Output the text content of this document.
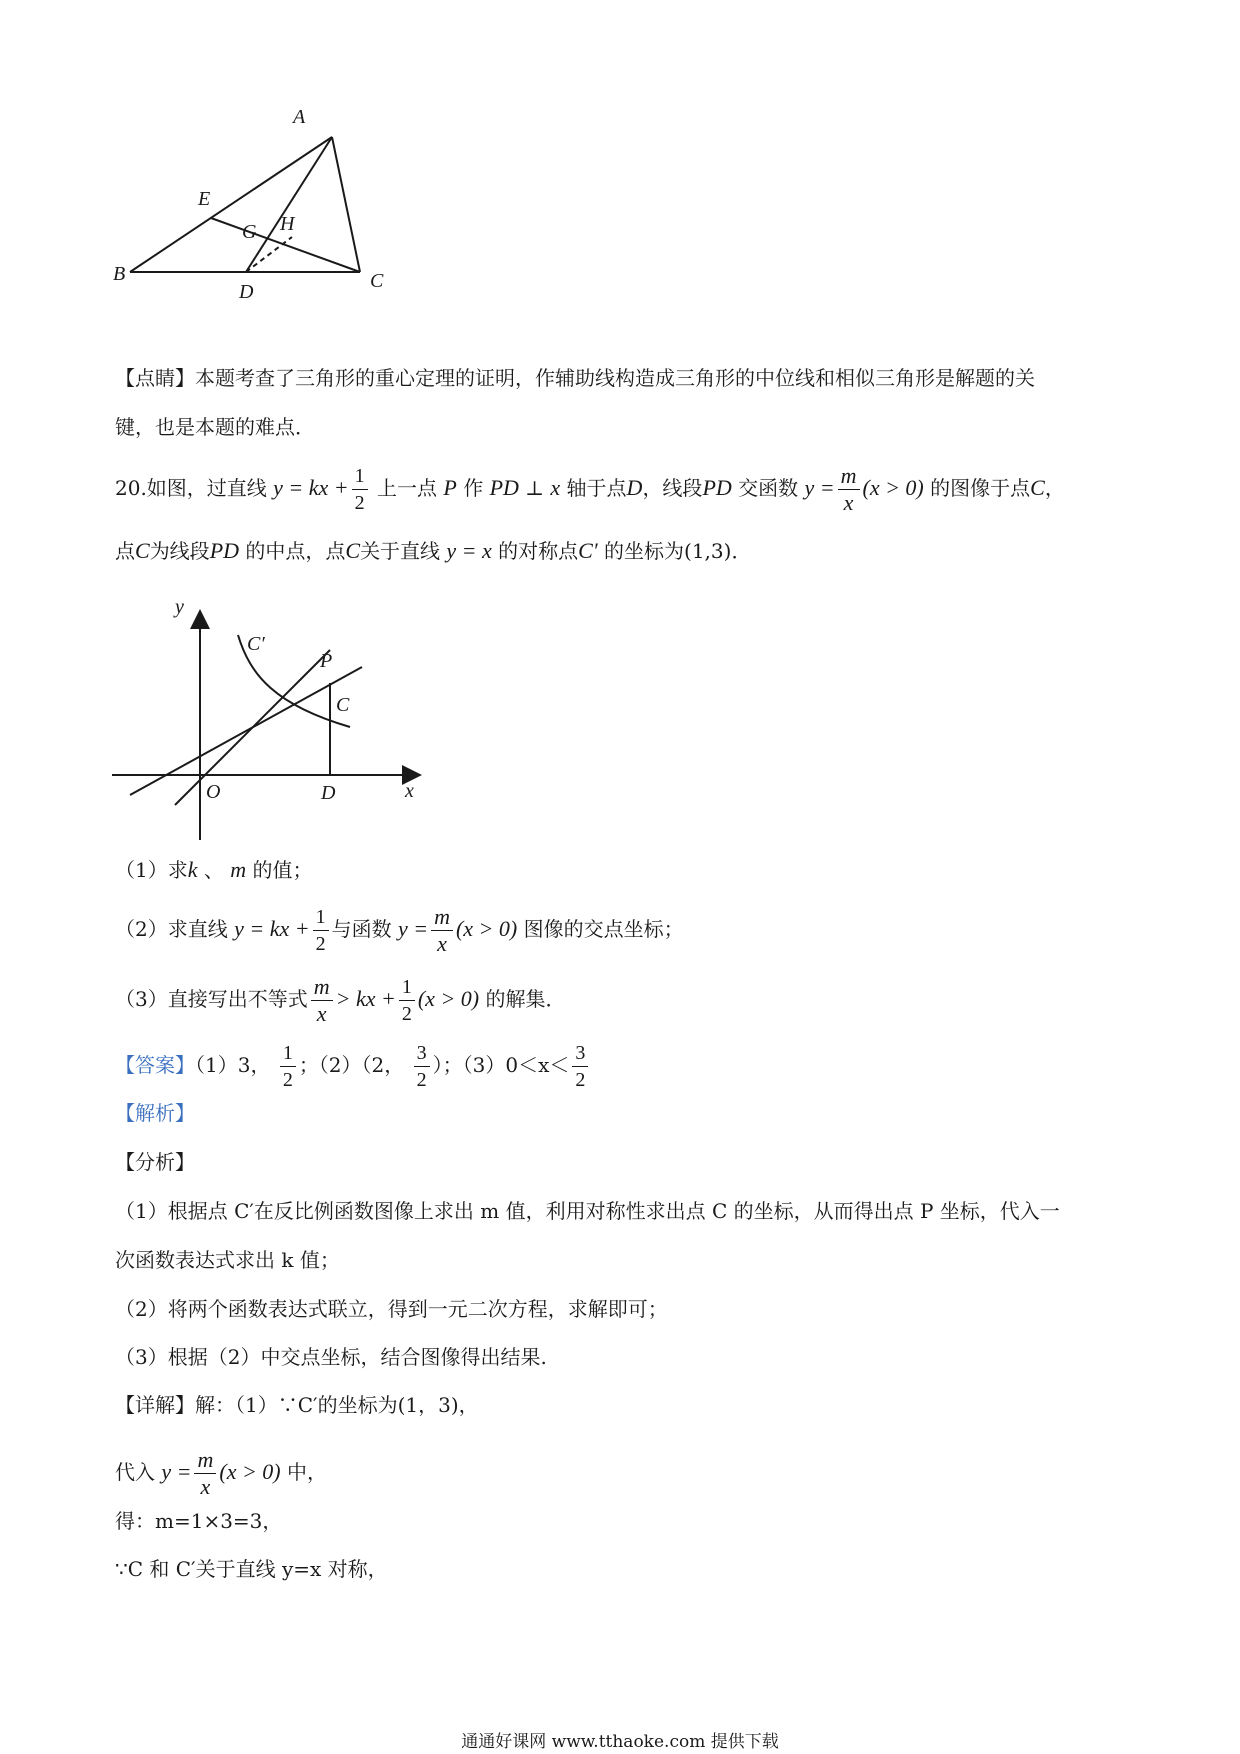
A
B	C
D
E
G H
【点睛】本题考查了三角形的重心定理的证明，作辅助线构造成三角形的中位线和相似三角形是解题的关
键，也是本题的难点．
20.如图，过直线 y = kx + $\frac{1}{2}$ 上一点 P 作 PD ⊥ x 轴于点D，线段PD 交函数 $y = \frac{m}{x} (x > 0)$ 的图像于点C，
点C为线段PD 的中点，点C关于直线 y = x 的对称点C′ 的坐标为(1,3)．
y
x
O	D
P
C
C′
（1）求k 、 m 的值；
（2）求直线 y = kx + $\frac{1}{2}$ 与函数 $y = \frac{m}{x} (x > 0)$ 图像的交点坐标；
（3）直接写出不等式 $\frac{m}{x}$ > kx + $\frac{1}{2} (x > 0)$ 的解集．
【答案】（1）3， $\frac{1}{2}$ ；（2）（2， $\frac{3}{2}$ ）；$(3)0<x< \frac{3}{2}$
【解析】
【分析】
（1）根据点 C′在反比例函数图像上求出 m 值，利用对称性求出点 C 的坐标，从而得出点 P 坐标，代入一
次函数表达式求出 k 值；
（2）将两个函数表达式联立，得到一元二次方程，求解即可；
（3）根据（2）中交点坐标，结合图像得出结果.
【详解】解：（1）∵C′的坐标为(1，3)，
代入 $y = \frac{m}{x} (x > 0)$ 中，
得：m=1×3=3，
∵C 和 C′关于直线 y=x 对称，
通通好课网 www.tthaoke.com 提供下载
